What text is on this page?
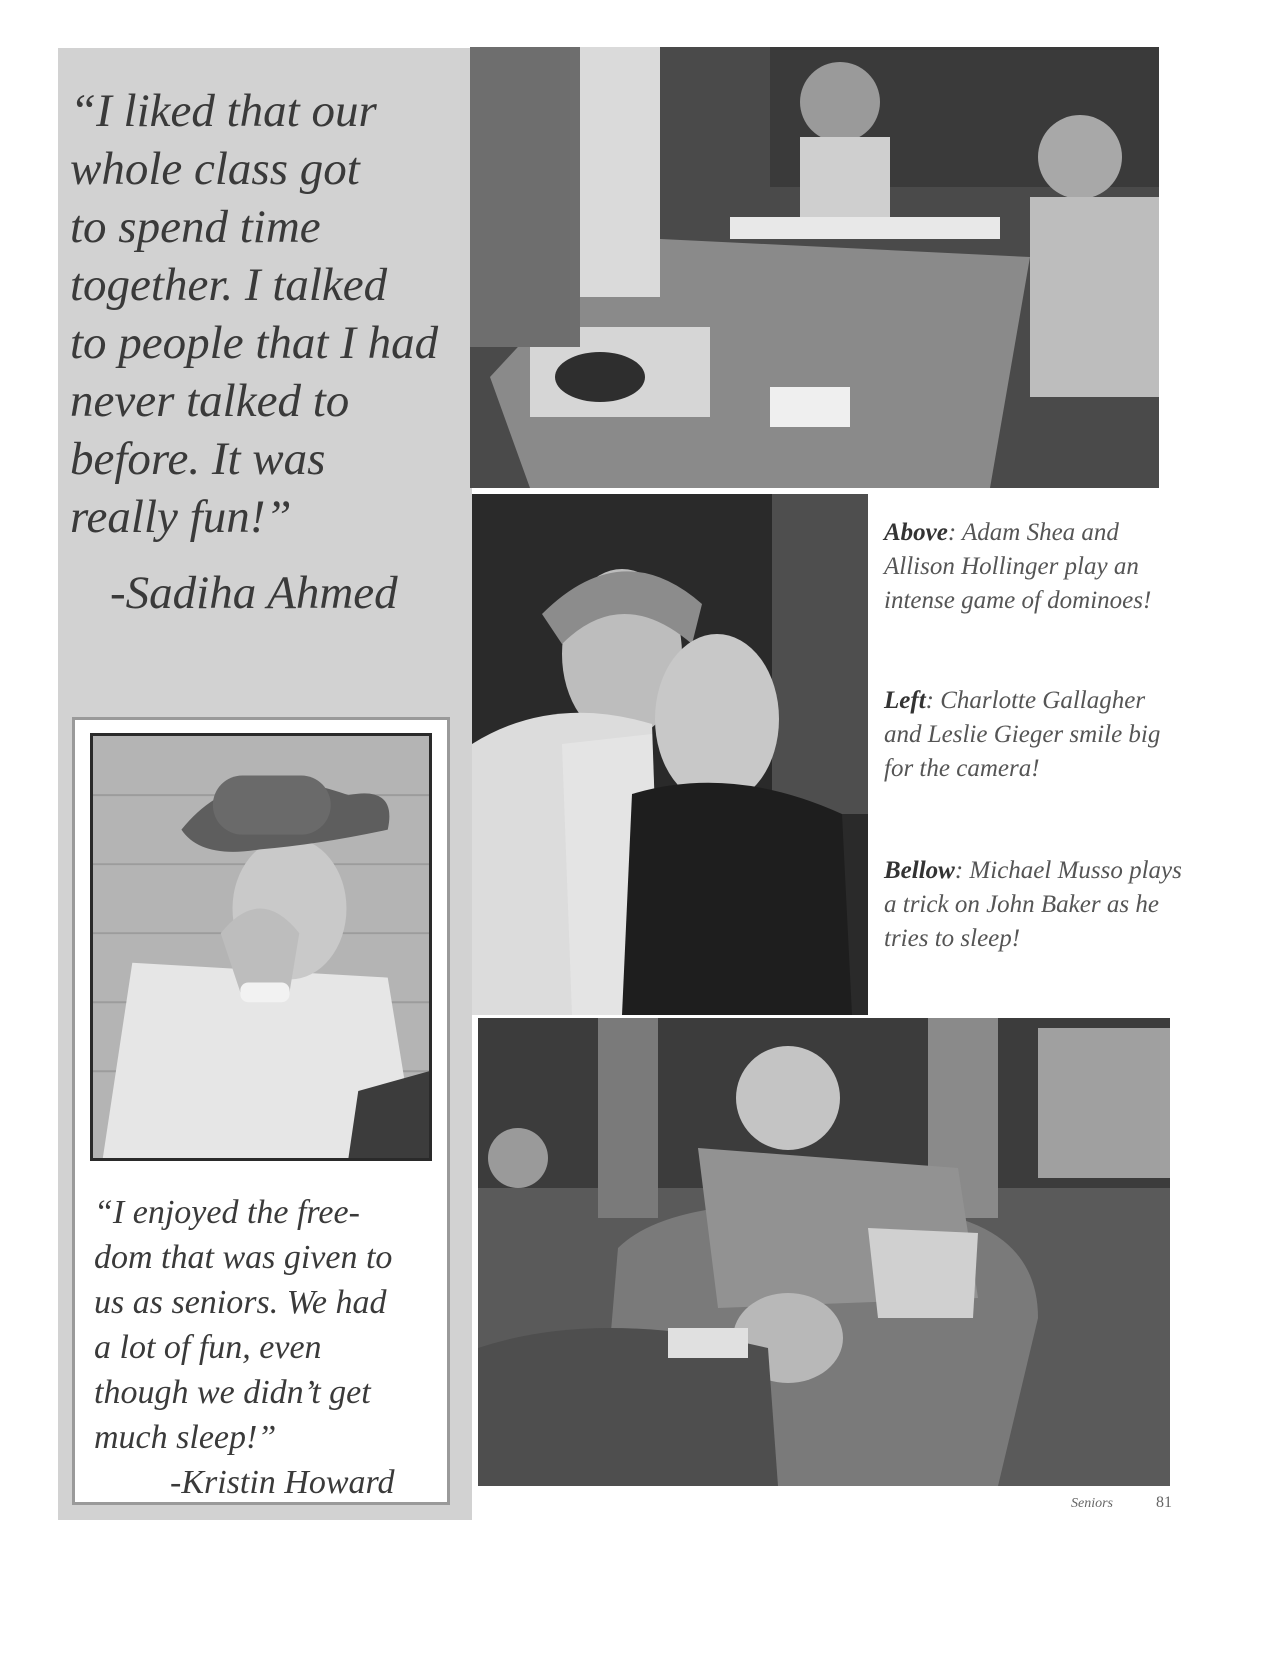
“I liked that our
whole class got
to spend time
together. I talked
to people that I had
never talked to
before. It was
really fun!”
-Sadiha Ahmed
“I enjoyed the free-
dom that was given to
us as seniors. We had
a lot of fun, even
though we didn’t get
much sleep!”
-Kristin Howard
Above: Adam Shea and Allison Hollinger play an intense game of dominoes!
Left: Charlotte Gallagher and Leslie Gieger smile big for the camera!
Bellow: Michael Musso plays a trick on John Baker as he tries to sleep!
Seniors	81
